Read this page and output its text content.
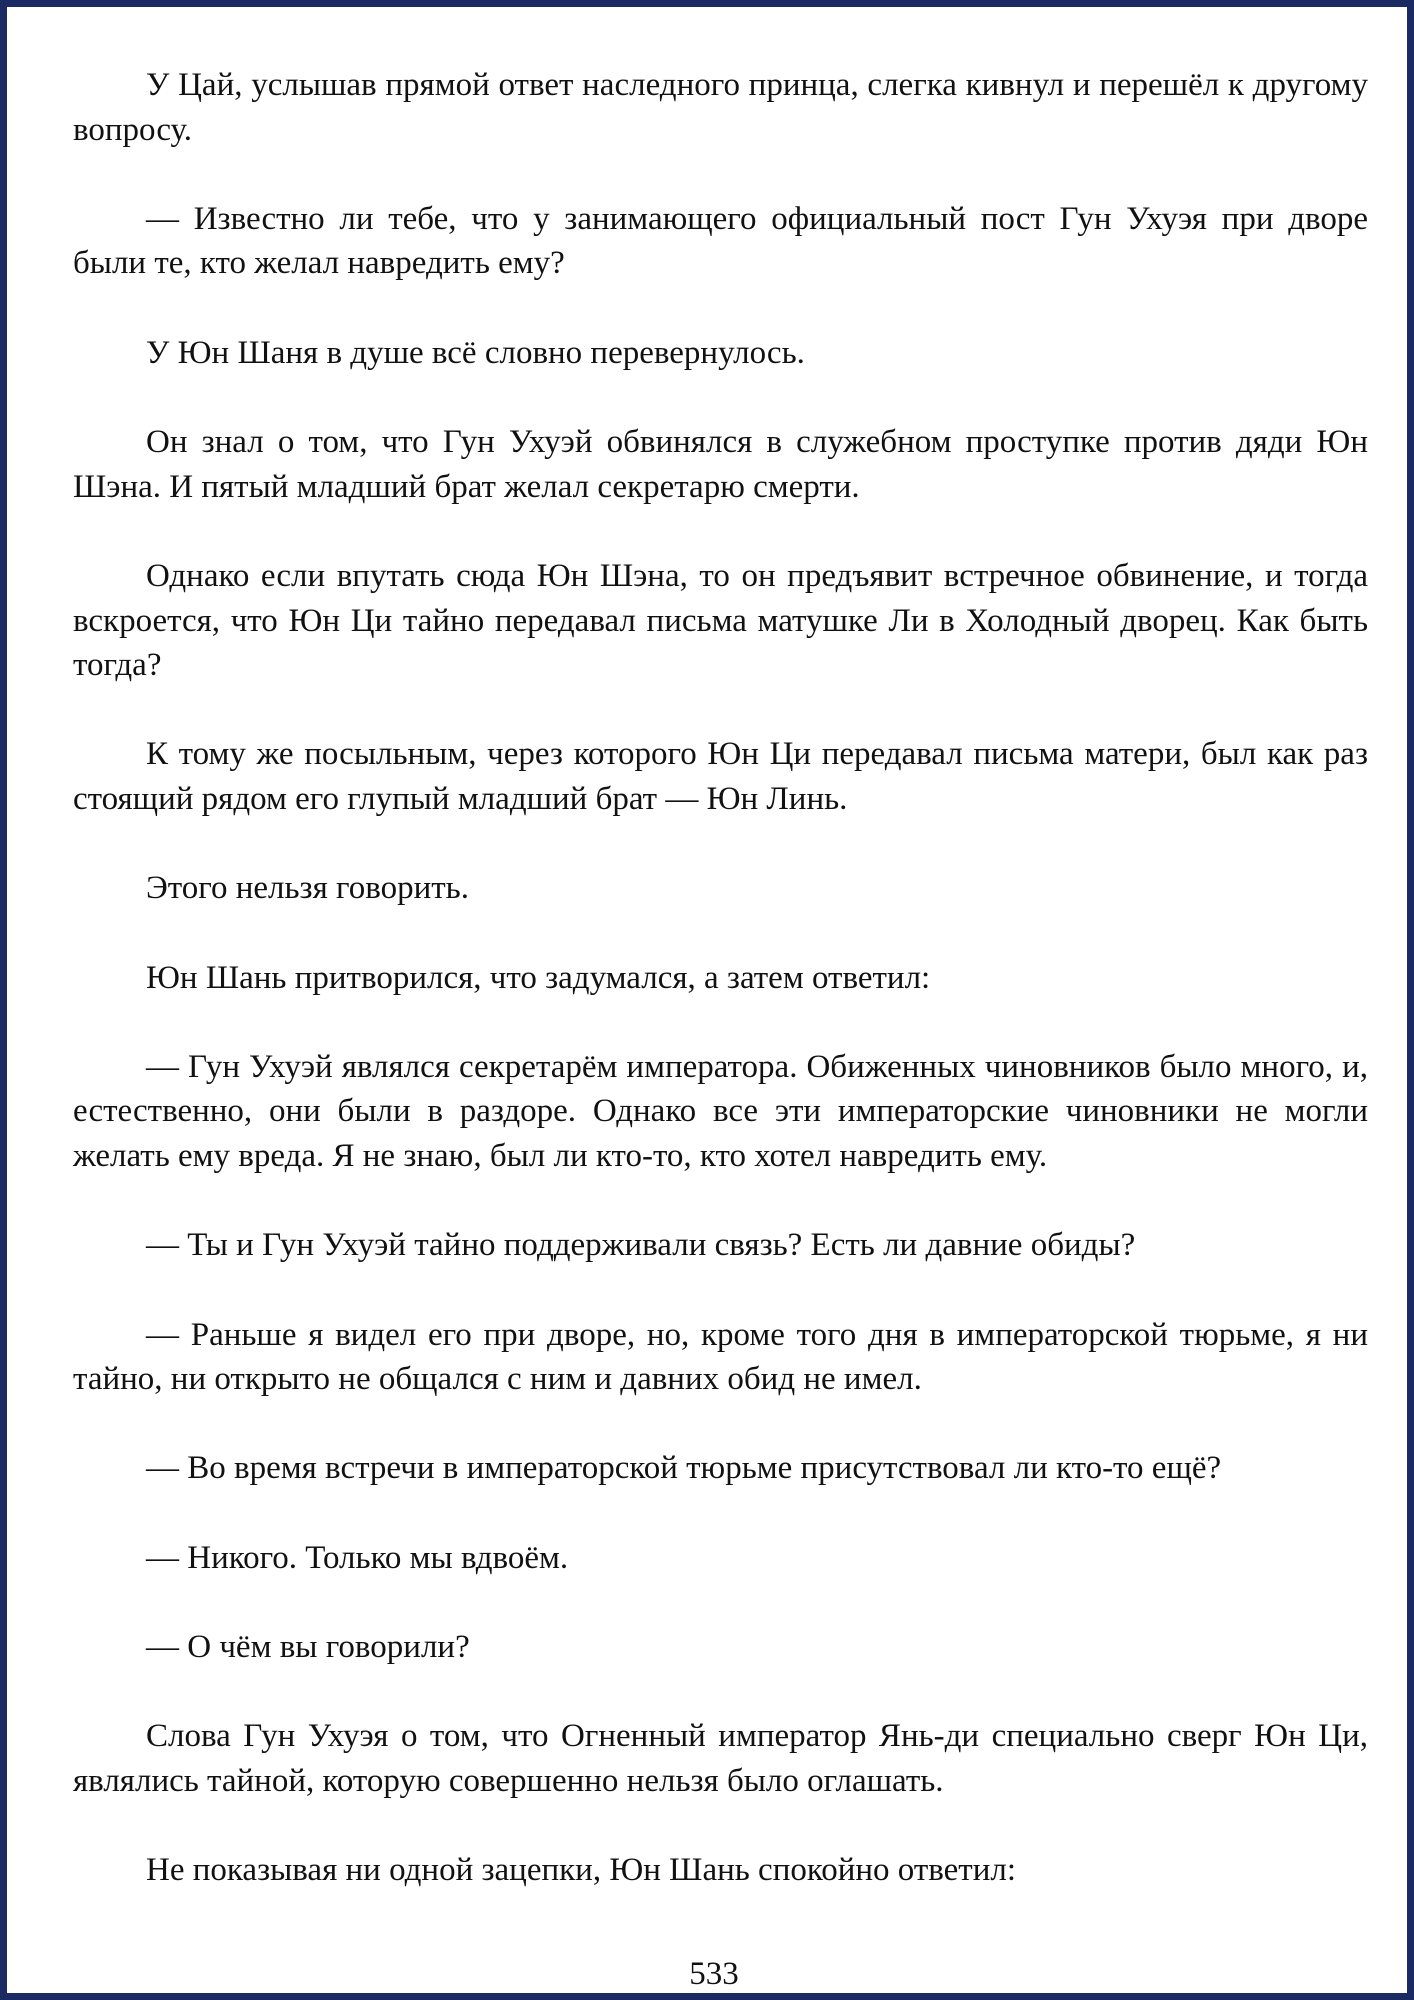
У Цай, услышав прямой ответ наследного принца, слегка кивнул и перешёл к другому вопросу.

— Известно ли тебе, что у занимающего официальный пост Гун Ухуэя при дворе были те, кто желал навредить ему?

У Юн Шаня в душе всё словно перевернулось.

Он знал о том, что Гун Ухуэй обвинялся в служебном проступке против дяди Юн Шэна. И пятый младший брат желал секретарю смерти.

Однако если впутать сюда Юн Шэна, то он предъявит встречное обвинение, и тогда вскроется, что Юн Ци тайно передавал письма матушке Ли в Холодный дворец. Как быть тогда?

К тому же посыльным, через которого Юн Ци передавал письма матери, был как раз стоящий рядом его глупый младший брат — Юн Линь.

Этого нельзя говорить.

Юн Шань притворился, что задумался, а затем ответил:

— Гун Ухуэй являлся секретарём императора. Обиженных чиновников было много, и, естественно, они были в раздоре. Однако все эти императорские чиновники не могли желать ему вреда. Я не знаю, был ли кто-то, кто хотел навредить ему.

— Ты и Гун Ухуэй тайно поддерживали связь? Есть ли давние обиды?

— Раньше я видел его при дворе, но, кроме того дня в императорской тюрьме, я ни тайно, ни открыто не общался с ним и давних обид не имел.

— Во время встречи в императорской тюрьме присутствовал ли кто-то ещё?

— Никого. Только мы вдвоём.

— О чём вы говорили?

Слова Гун Ухуэя о том, что Огненный император Янь-ди специально сверг Юн Ци, являлись тайной, которую совершенно нельзя было оглашать.

Не показывая ни одной зацепки, Юн Шань спокойно ответил:

533
